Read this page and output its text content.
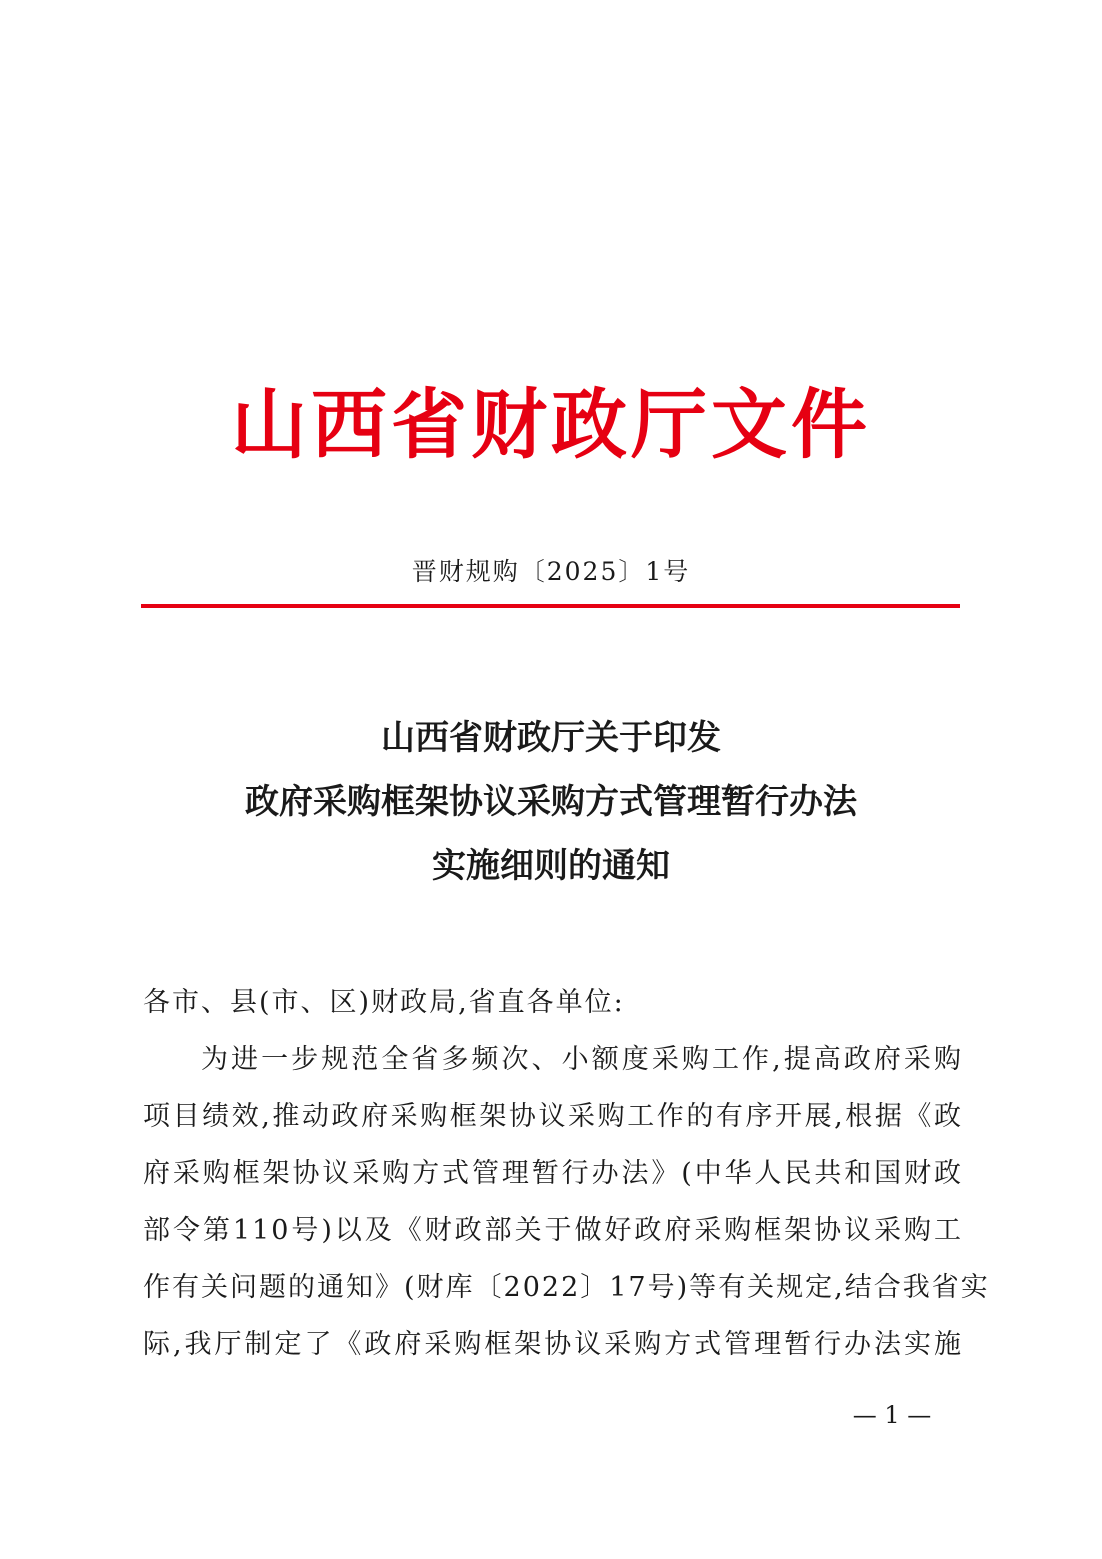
山西省财政厅文件
晋财规购〔2025〕1号
山西省财政厅关于印发
政府采购框架协议采购方式管理暂行办法
实施细则的通知
各市、县(市、区)财政局,省直各单位:
为进一步规范全省多频次、小额度采购工作,提高政府采购
项目绩效,推动政府采购框架协议采购工作的有序开展,根据《政
府采购框架协议采购方式管理暂行办法》(中华人民共和国财政
部令第110号)以及《财政部关于做好政府采购框架协议采购工
作有关问题的通知》(财库〔2022〕17号)等有关规定,结合我省实
际,我厅制定了《政府采购框架协议采购方式管理暂行办法实施
— 1 —
